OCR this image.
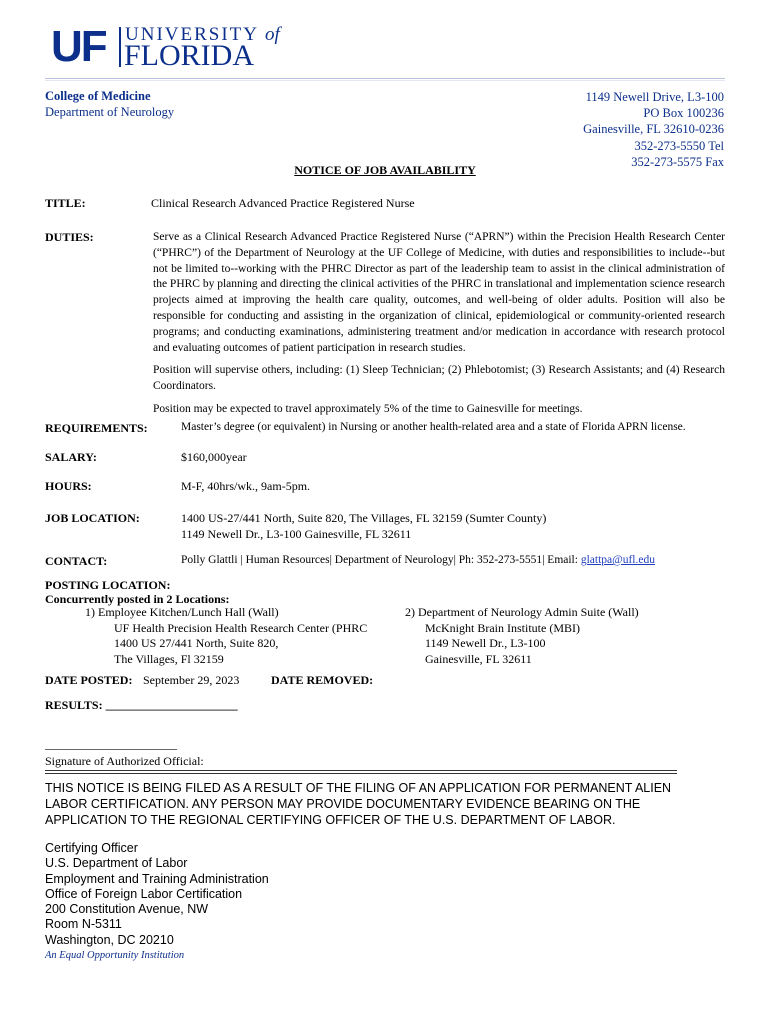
UF UNIVERSITY of
FLORIDA
College of Medicine
Department of Neurology
1149 Newell Drive, L3-100
PO Box 100236
Gainesville, FL 32610-0236
352-273-5550 Tel
352-273-5575 Fax
NOTICE OF JOB AVAILABILITY
TITLE:	Clinical Research Advanced Practice Registered Nurse
DUTIES:	Serve as a Clinical Research Advanced Practice Registered Nurse (“APRN”) within the Precision Health Research Center (“PHRC”) of the Department of Neurology at the UF College of Medicine, with duties and responsibilities to include--but not be limited to--working with the PHRC Director as part of the leadership team to assist in the clinical administration of the PHRC by planning and directing the clinical activities of the PHRC in translational and implementation science research projects aimed at improving the health care quality, outcomes, and well-being of older adults. Position will also be responsible for conducting and assisting in the organization of clinical, epidemiological or community-oriented research programs; and conducting examinations, administering treatment and/or medication in accordance with research protocol and evaluating outcomes of patient participation in research studies.

Position will supervise others, including: (1) Sleep Technician; (2) Phlebotomist; (3) Research Assistants; and (4) Research Coordinators.

Position may be expected to travel approximately 5% of the time to Gainesville for meetings.

REQUIREMENTS:	Master’s degree (or equivalent) in Nursing or another health-related area and a state of Florida APRN license.
SALARY:	$160,000year
HOURS:	M-F, 40hrs/wk., 9am-5pm.
JOB LOCATION:	1400 US-27/441 North, Suite 820, The Villages, FL 32159 (Sumter County)
1149 Newell Dr., L3-100 Gainesville, FL 32611
CONTACT:	Polly Glattli | Human Resources| Department of Neurology| Ph: 352-273-5551| Email: glattpa@ufl.edu
POSTING LOCATION:
Concurrently posted in 2 Locations:
1) Employee Kitchen/Lunch Hall (Wall)
UF Health Precision Health Research Center (PHRC
1400 US 27/441 North, Suite 820,
The Villages, Fl 32159
2) Department of Neurology Admin Suite (Wall)
McKnight Brain Institute (MBI)
1149 Newell Dr., L3-100
Gainesville, FL 32611
DATE POSTED: September 29, 2023	DATE REMOVED:
RESULTS: ______________________
______________________
Signature of Authorized Official:
THIS NOTICE IS BEING FILED AS A RESULT OF THE FILING OF AN APPLICATION FOR PERMANENT ALIEN LABOR CERTIFICATION. ANY PERSON MAY PROVIDE DOCUMENTARY EVIDENCE BEARING ON THE APPLICATION TO THE REGIONAL CERTIFYING OFFICER OF THE U.S. DEPARTMENT OF LABOR.
Certifying Officer
U.S. Department of Labor
Employment and Training Administration
Office of Foreign Labor Certification
200 Constitution Avenue, NW
Room N-5311
Washington, DC 20210
An Equal Opportunity Institution
